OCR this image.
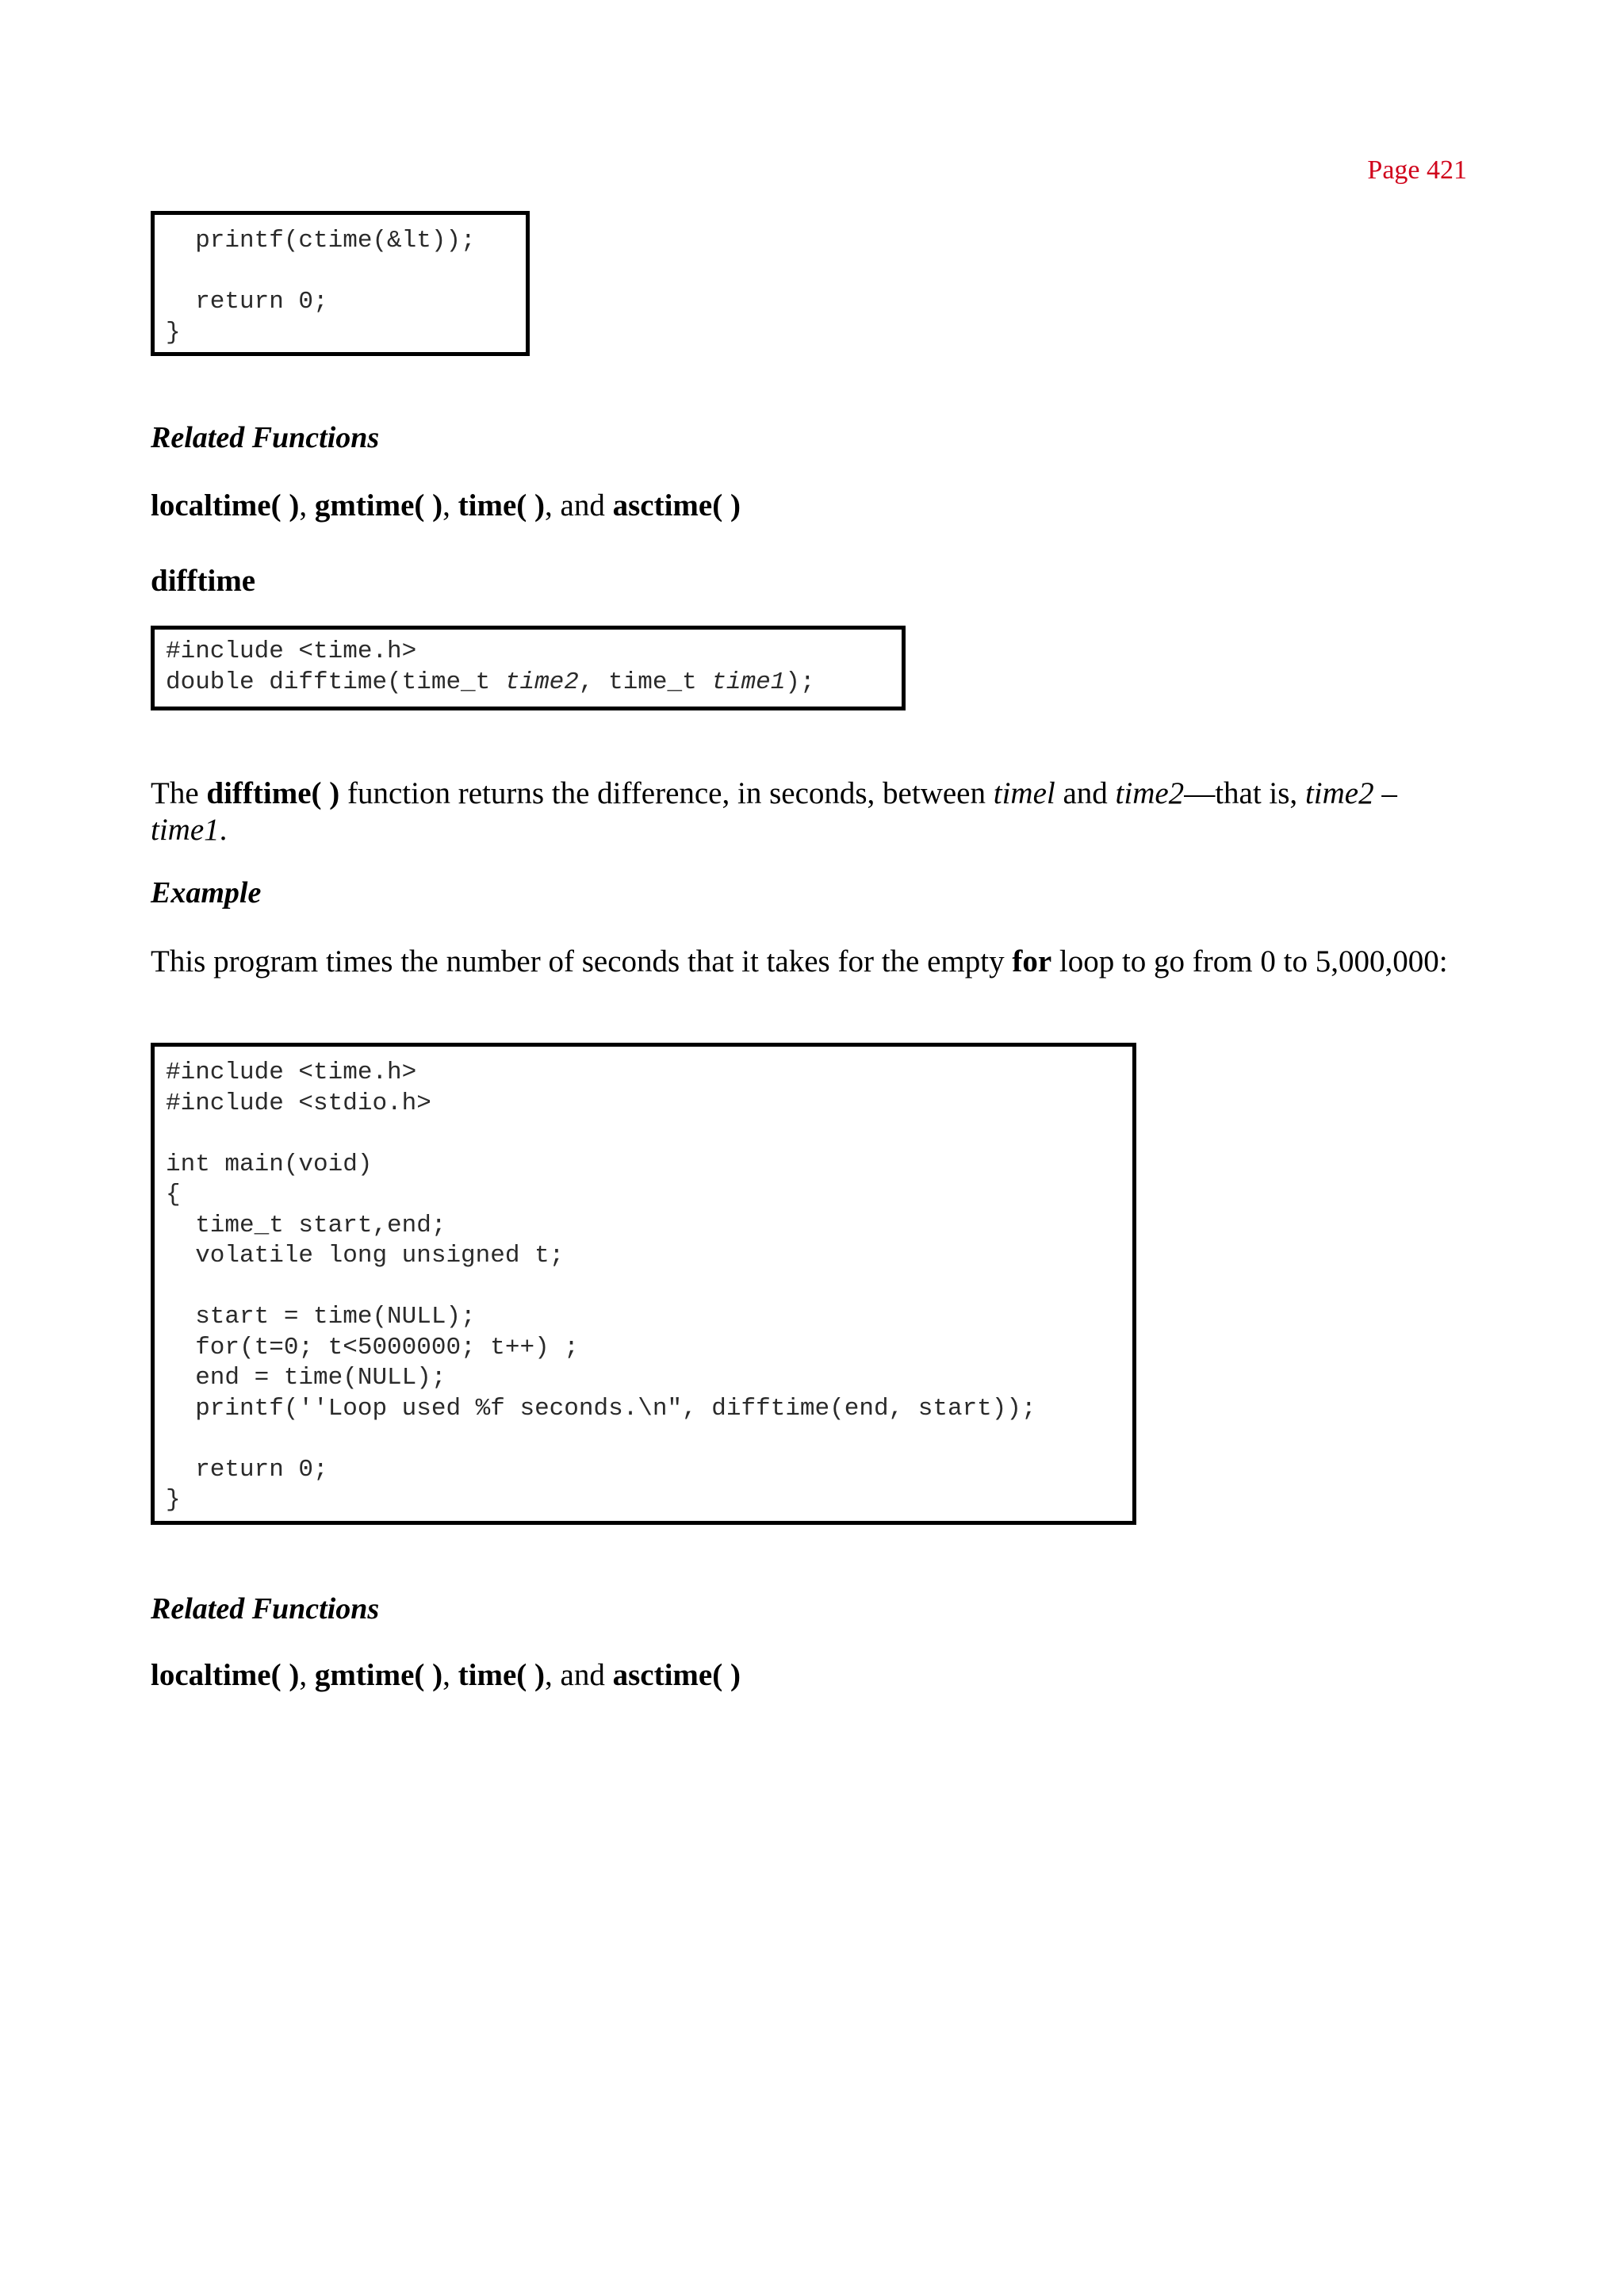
Page 421
printf(ctime(&lt));
return 0;
}
Related Functions
localtime( ), gmtime( ), time( ), and asctime( )
difftime
#include <time.h>
double difftime(time_t time2, time_t time1);
The difftime( ) function returns the difference, in seconds, between timel and time2—that is, time2 – time1.
Example
This program times the number of seconds that it takes for the empty for loop to go from 0 to 5,000,000:
#include <time.h>
#include <stdio.h>
int main(void)
{
time_t start,end;
volatile long unsigned t;
start = time(NULL);
for(t=0; t<5000000; t++) ;
end = time(NULL);
printf(''Loop used %f seconds.\n", difftime(end, start));
return 0;
}
Related Functions
localtime( ), gmtime( ), time( ), and asctime( )
